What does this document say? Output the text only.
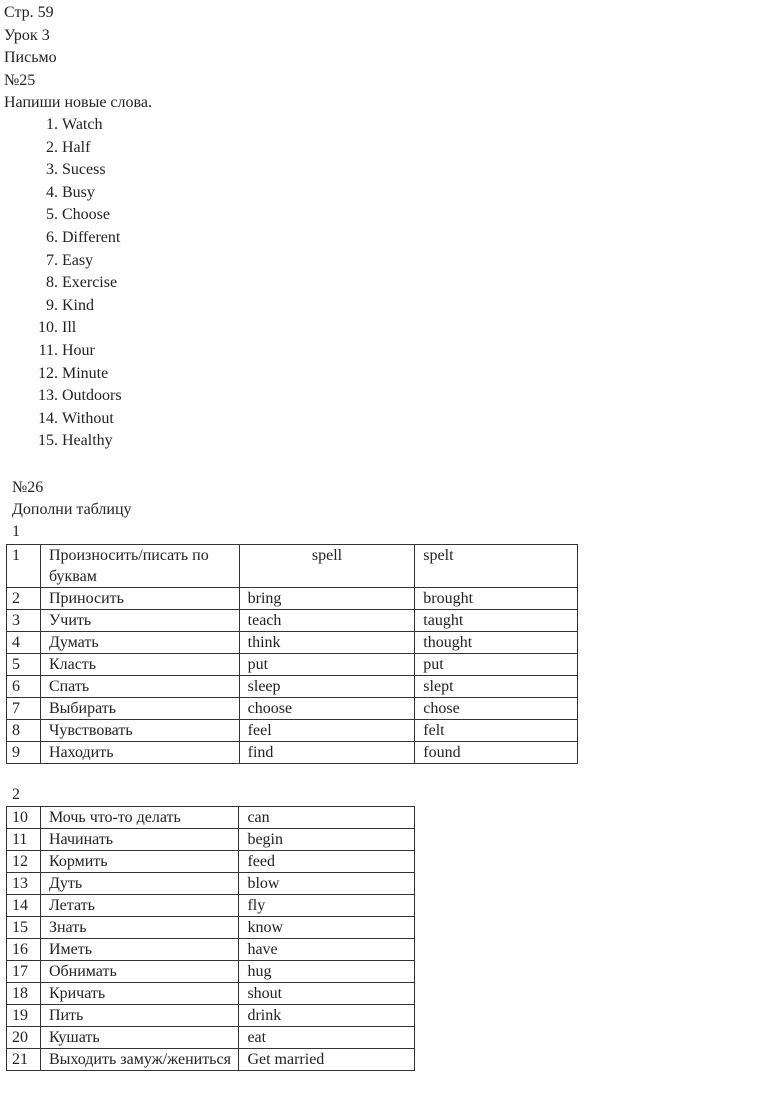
Стр. 59
Урок 3
Письмо
№25
Напиши новые слова.
1. Watch
2. Half
3. Sucess
4. Busy
5. Choose
6. Different
7. Easy
8. Exercise
9. Kind
10. Ill
11. Hour
12. Minute
13. Outdoors
14. Without
15. Healthy
№26
Дополни таблицу
1
1	Произносить/писать по буквам	spell	spelt
2	Приносить	bring	brought
3	Учить	teach	taught
4	Думать	think	thought
5	Класть	put	put
6	Спать	sleep	slept
7	Выбирать	choose	chose
8	Чувствовать	feel	felt
9	Находить	find	found
2
10	Мочь что-то делать	can
11	Начинать	begin
12	Кормить	feed
13	Дуть	blow
14	Летать	fly
15	Знать	know
16	Иметь	have
17	Обнимать	hug
18	Кричать	shout
19	Пить	drink
20	Кушать	eat
21	Выходить замуж/жениться	Get married
